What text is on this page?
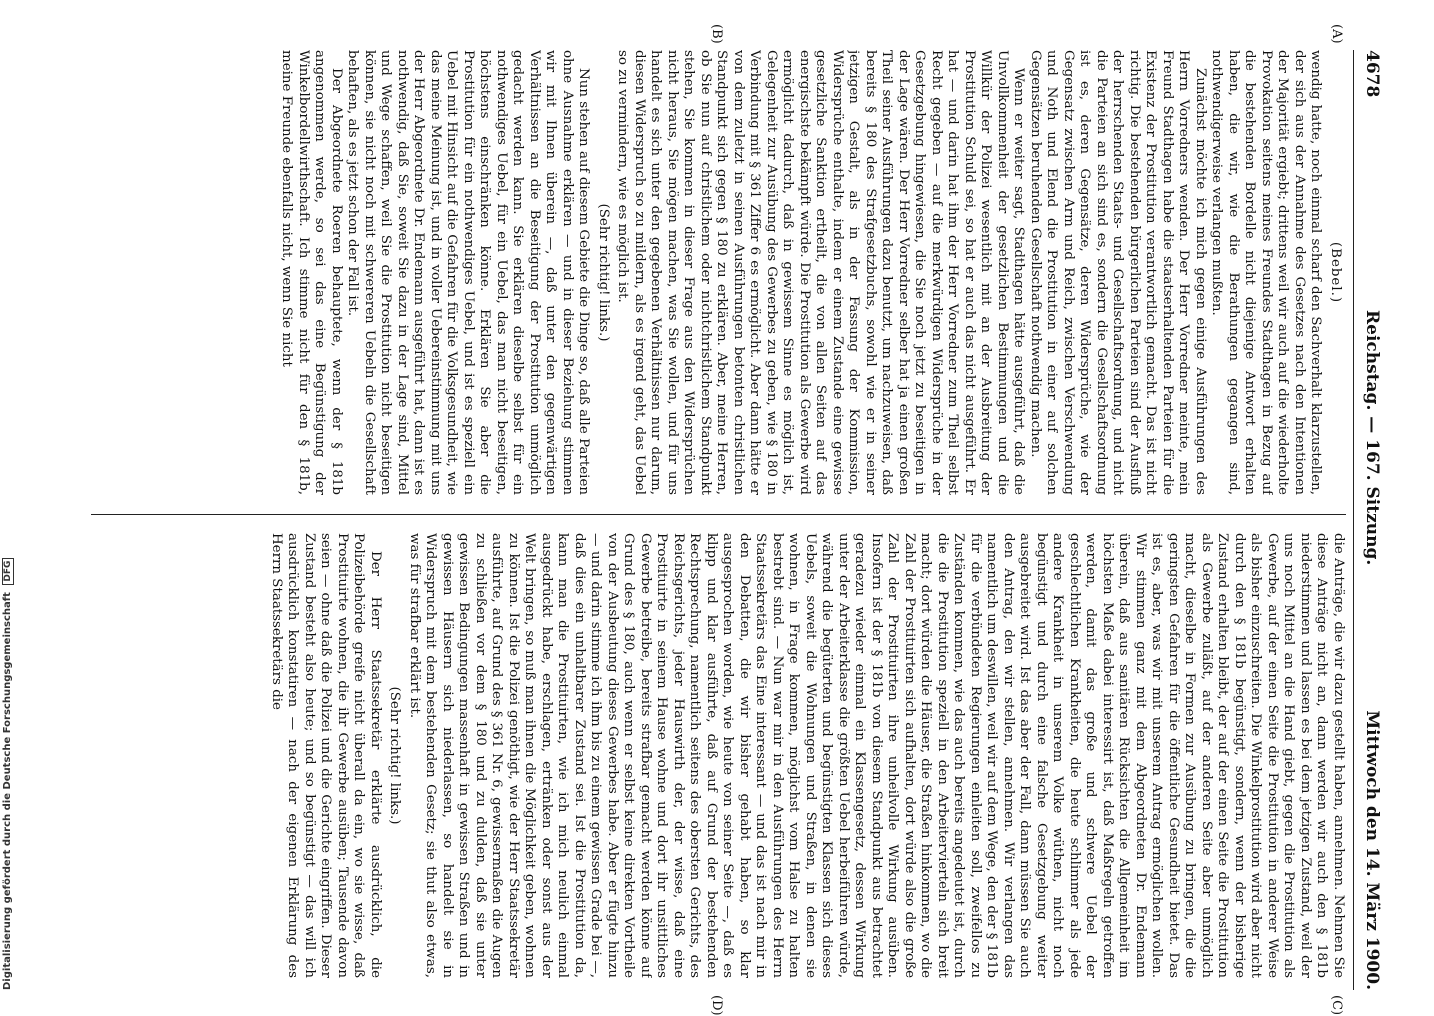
4678
Reichstag. — 167. Sitzung.
Mittwoch den 14. März 1900.
(A)
(B)
(C)
(D)

(Bebel.)

wendig hatte, noch einmal scharf den Sachverhalt klarzustellen, der sich aus der Annahme des Gesetzes nach den Intentionen der Majorität ergiebt; drittens weil wir auch auf die wiederholte Provokation seitens meines Freundes Stadthagen in Bezug auf die bestehenden Bordelle nicht diejenige Antwort erhalten haben, die wir, wie die Berathungen gegangen sind, nothwendigerweise verlangen mußten.

Zunächst möchte ich mich gegen einige Ausführungen des Herrn Vorredners wenden. Der Herr Vorredner meinte, mein Freund Stadthagen habe die staatserhaltenden Parteien für die Existenz der Prostitution verantwortlich gemacht. Das ist nicht richtig. Die bestehenden bürgerlichen Parteien sind der Ausfluß der herrschenden Staats- und Gesellschaftsordnung, und nicht die Parteien an sich sind es, sondern die Gesellschaftsordnung ist es, deren Gegensätze, deren Widersprüche, wie der Gegensatz zwischen Arm und Reich, zwischen Verschwendung und Noth und Elend die Prostitution in einer auf solchen Gegensätzen beruhenden Gesellschaft nothwendig machen.

Wenn er weiter sagt, Stadthagen hätte ausgeführt, daß die Unvollkommenheit der gesetzlichen Bestimmungen und die Willkür der Polizei wesentlich mit an der Ausbreitung der Prostitution Schuld sei, so hat er auch das nicht ausgeführt. Er hat — und darin hat ihm der Herr Vorredner zum Theil selbst Recht gegeben — auf die merkwürdigen Widersprüche in der Gesetzgebung hingewiesen, die Sie noch jetzt zu beseitigen in der Lage wären. Der Herr Vorredner selber hat ja einen großen Theil seiner Ausführungen dazu benutzt, um nachzuweisen, daß bereits § 180 des Strafgesetzbuchs, sowohl wie er in seiner jetzigen Gestalt, als in der Fassung der Kommission, Widersprüche enthalte, indem er einem Zustande eine gewisse gesetzliche Sanktion ertheilt, die von allen Seiten auf das energischste bekämpft würde. Die Prostitution als Gewerbe wird ermöglicht dadurch, daß in gewissem Sinne es möglich ist, Gelegenheit zur Ausübung des Gewerbes zu geben, wie § 180 in Verbindung mit § 361 Ziffer 6 es ermöglicht. Aber dann hätte er von dem zuletzt in seinen Ausführungen betonten christlichen Standpunkt sich gegen § 180 zu erklären. Aber, meine Herren, ob Sie nun auf christlichem oder nichtchristlichem Standpunkt stehen, Sie kommen in dieser Frage aus den Widersprüchen nicht heraus, Sie mögen machen, was Sie wollen, und für uns handelt es sich unter den gegebenen Verhältnissen nur darum, diesen Widerspruch so zu mildern, als es irgend geht, das Uebel so zu vermindern, wie es möglich ist.

(Sehr richtig! links.)

Nun stehen auf diesem Gebiete die Dinge so, daß alle Parteien ohne Ausnahme erklären — und in dieser Beziehung stimmen wir mit Ihnen überein —, daß unter den gegenwärtigen Verhältnissen an die Beseitigung der Prostitution unmöglich gedacht werden kann. Sie erklären dieselbe selbst für ein nothwendiges Uebel, für ein Uebel, das man nicht beseitigen, höchstens einschränken könne. Erklären Sie aber die Prostitution für ein nothwendiges Uebel, und ist es speziell ein Uebel mit Hinsicht auf die Gefahren für die Volksgesundheit, wie das meine Meinung ist, und in voller Uebereinstimmung mit uns der Herr Abgeordnete Dr. Endemann ausgeführt hat, dann ist es nothwendig, daß Sie, soweit Sie dazu in der Lage sind, Mittel und Wege schaffen, weil Sie die Prostitution nicht beseitigen können, sie nicht noch mit schwereren Uebeln die Gesellschaft behaften, als es jetzt schon der Fall ist.

Der Abgeordnete Roeren behauptete, wenn der § 181b angenommen werde, so sei das eine Begünstigung der Winkelbordellwirthschaft. Ich stimme nicht für den § 181b, meine Freunde ebenfalls nicht, wenn Sie nicht

die Anträge, die wir dazu gestellt haben, annehmen. Nehmen Sie diese Anträge nicht an, dann werden wir auch den § 181b niederstimmen und lassen es bei dem jetzigen Zustand, weil der uns noch Mittel an die Hand giebt, gegen die Prostitution als Gewerbe, auf der einen Seite die Prostitution in anderer Weise als bisher einzuschreiten. Die Winkelprostitution wird aber nicht durch den § 181b begünstigt, sondern, wenn der bisherige Zustand erhalten bleibt, der auf der einen Seite die Prostitution als Gewerbe zuläßt, auf der anderen Seite aber unmöglich macht, dieselbe in Formen zur Ausübung zu bringen, die die geringsten Gefahren für die öffentliche Gesundheit bietet. Das ist es, aber, was wir mit unserem Antrag ermöglichen wollen. Wir stimmen ganz mit dem Abgeordneten Dr. Endemann überein, daß aus sanitären Rücksichten die Allgemeinheit im höchsten Maße dabei interessirt ist, daß Maßregeln getroffen werden, damit das große und schwere Uebel der geschlechtlichen Krankheiten, die heute schlimmer als jede andere Krankheit in unserem Volke wüthen, nicht noch begünstigt und durch eine falsche Gesetzgebung weiter ausgebreitet wird. Ist das aber der Fall, dann müssen Sie auch den Antrag, den wir stellen, annehmen. Wir verlangen das namentlich um deswillen, weil wir auf dem Wege, den der § 181b für die verbündeten Regierungen einleiten soll, zweifellos zu Zuständen kommen, wie das auch bereits angedeutet ist, durch die die Prostitution speziell in den Arbeitervierteln sich breit macht; dort würden die Häuser, die Straßen hinkommen, wo die Zahl der Prostituirten sich aufhalten, dort würde also die große Zahl der Prostituirten ihre unheilvolle Wirkung ausüben. Insofern ist der § 181b von diesem Standpunkt aus betrachtet geradezu wieder einmal ein Klassengesetz, dessen Wirkung unter der Arbeiterklasse die größten Uebel herbeiführen würde, während die begüterten und begünstigten Klassen sich dieses Uebels, soweit die Wohnungen und Straßen, in denen sie wohnen, in Frage kommen, möglichst vom Halse zu halten bestrebt sind. — Nun war mir in den Ausführungen des Herrn Staatssekretärs das Eine interessant — und das ist nach mir in den Debatten, die wir bisher gehabt haben, so klar ausgesprochen worden, wie heute von seiner Seite —, daß es klipp und klar ausführte, daß auf Grund der bestehenden Rechtsprechung, namentlich seitens des obersten Gerichts, des Reichsgerichts, jeder Hauswirth der, der wisse, daß eine Prostituirte in seinem Hause wohne und dort ihr unsittliches Gewerbe betreibe, bereits strafbar gemacht werden könne auf Grund des § 180, auch wenn er selbst keine direkten Vortheile von der Ausbeutung dieses Gewerbes habe. Aber er fügte hinzu — und darin stimme ich ihm bis zu einem gewissen Grade bei —, daß dies ein unhaltbarer Zustand sei. Ist die Prostitution da, kann man die Prostituirten, wie ich mich neulich einmal ausgedrückt habe, erschlagen, ertränken oder sonst aus der Welt bringen, so muß man ihnen die Möglichkeit geben, wohnen zu können. Ist die Polizei genöthigt, wie der Herr Staatssekretär ausführte, auf Grund des § 361 Nr. 6, gewissermaßen die Augen zu schließen vor dem § 180 und zu dulden, daß sie unter gewissen Bedingungen massenhaft in gewissen Straßen und in gewissen Häusern sich niederlassen, so handelt sie in Widerspruch mit dem bestehenden Gesetz; sie thut also etwas, was für strafbar erklärt ist.

(Sehr richtig! links.)

Der Herr Staatssekretär erklärte ausdrücklich, die Polizeibehörde greife nicht überall da ein, wo sie wisse, daß Prostituirte wohnen, die ihr Gewerbe ausüben; Tausende davon seien — ohne daß die Polizei und die Gerichte eingriffen. Dieser Zustand besteht also heute; und so begünstigt — das will ich ausdrücklich konstatiren — nach der eigenen Erklärung des Herrn Staatssekretärs die

Digitalisierung gefördert durch die Deutsche Forschungsgemeinschaft DFG
